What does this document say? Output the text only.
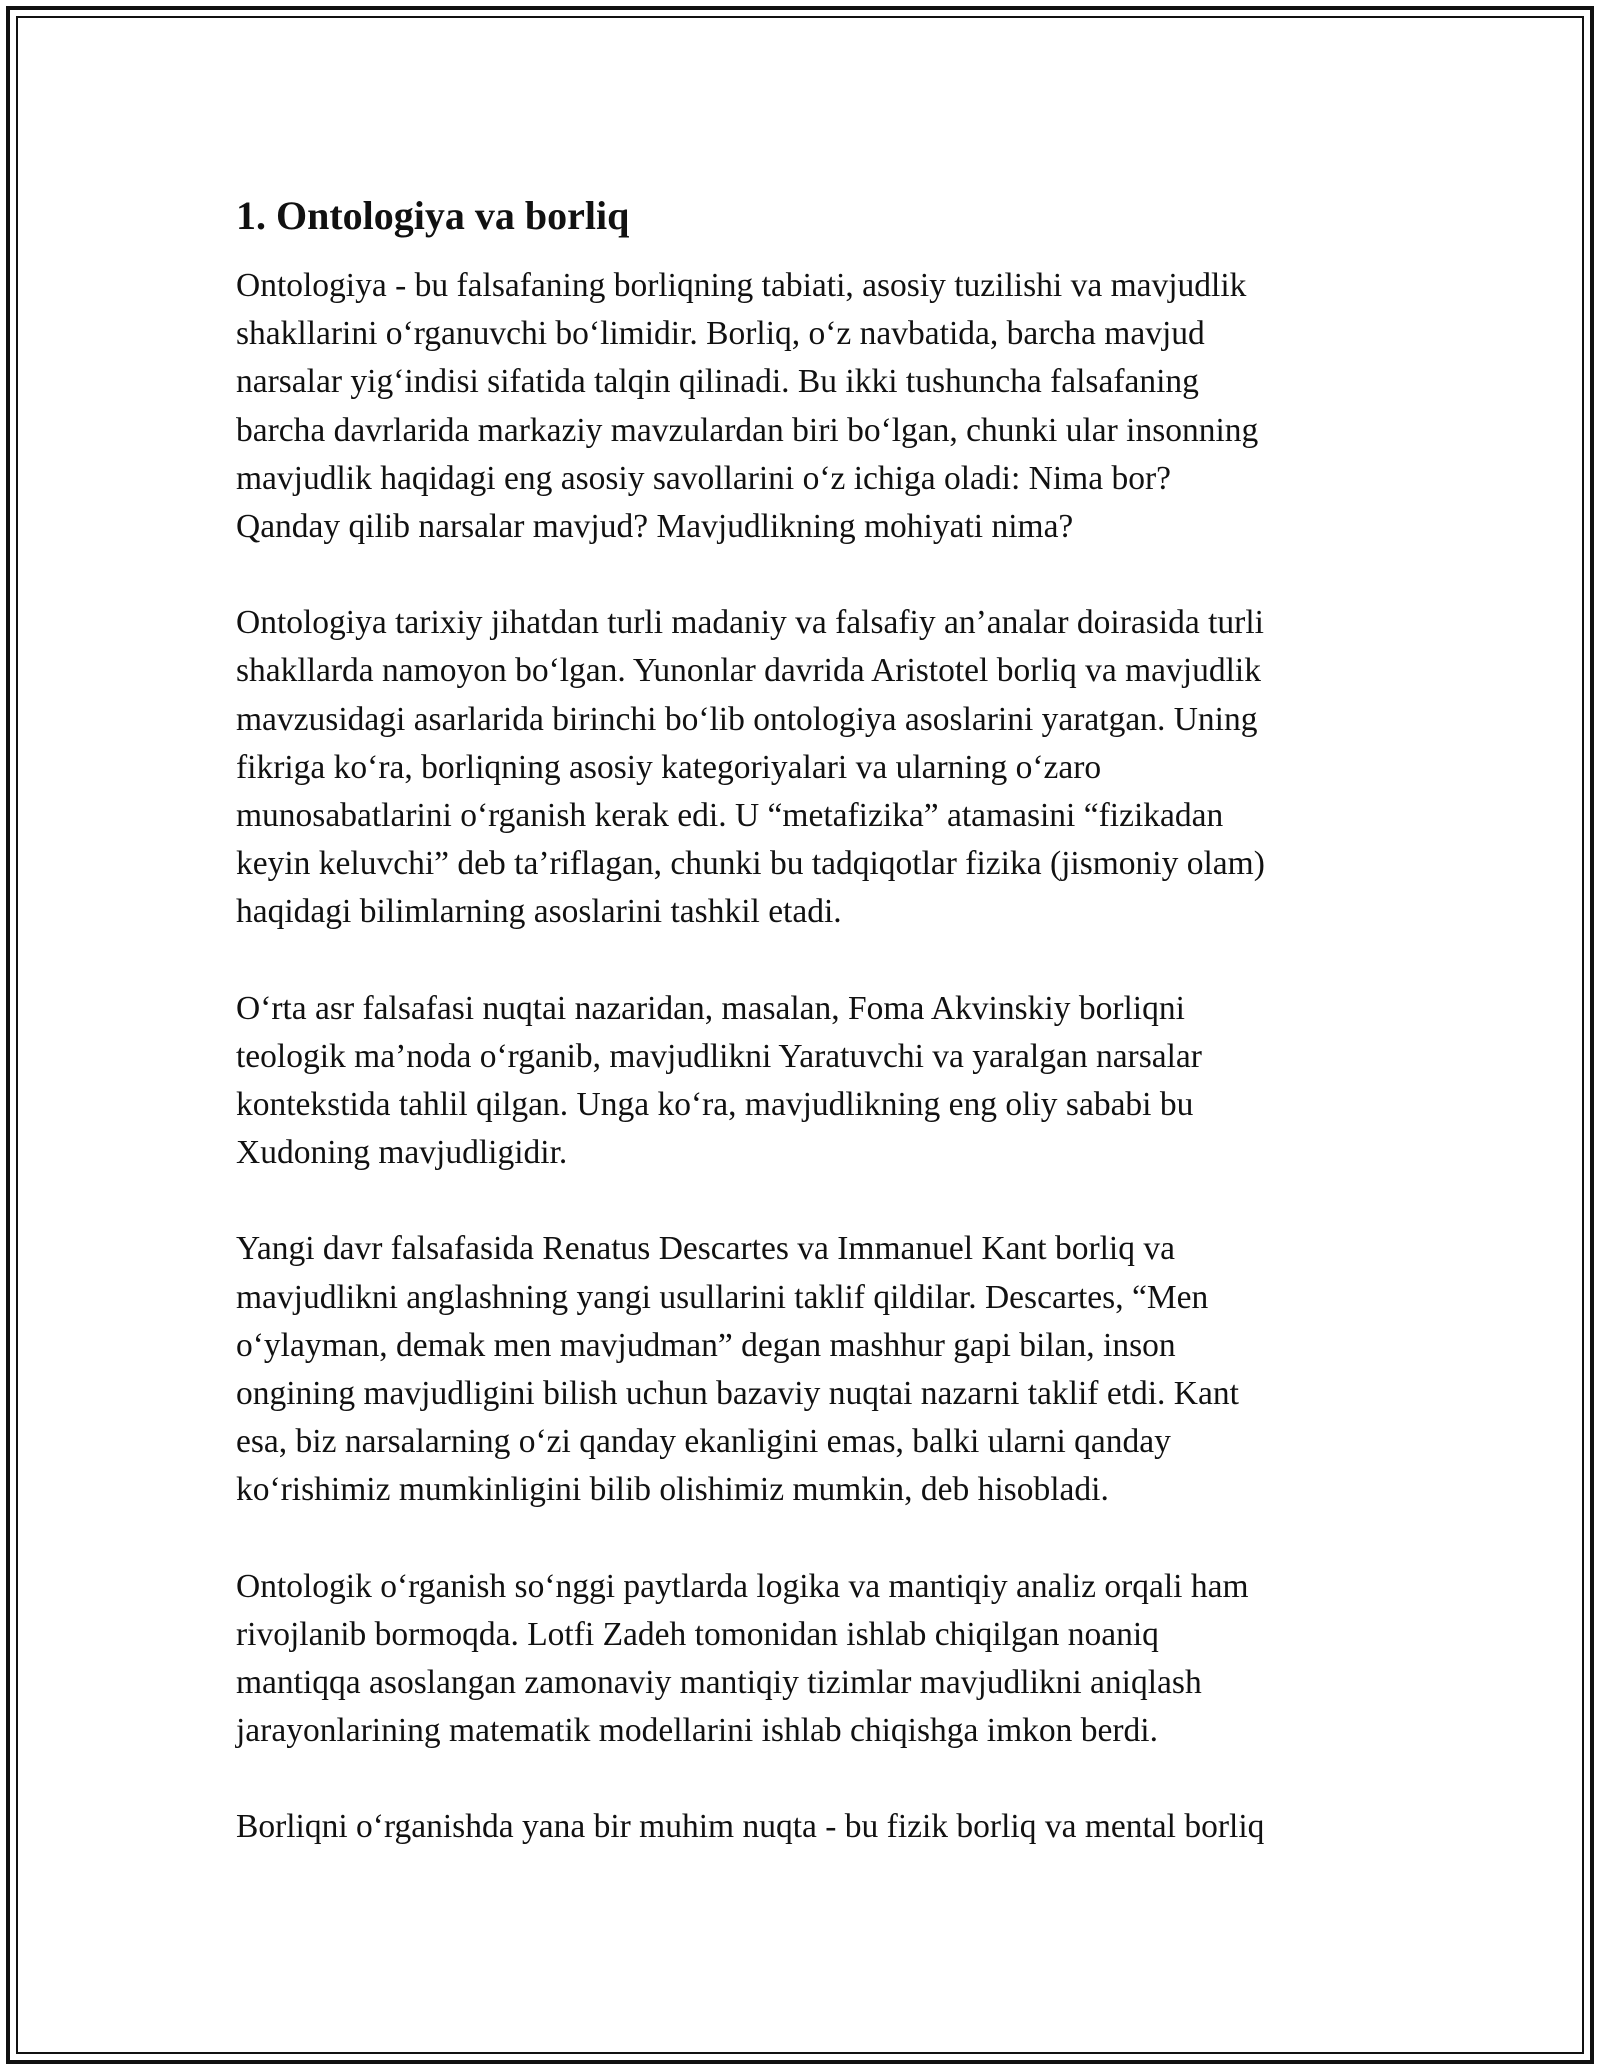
1. Ontologiya va borliq

Ontologiya - bu falsafaning borliqning tabiati, asosiy tuzilishi va mavjudlik
shakllarini o‘rganuvchi bo‘limidir. Borliq, o‘z navbatida, barcha mavjud
narsalar yig‘indisi sifatida talqin qilinadi. Bu ikki tushuncha falsafaning
barcha davrlarida markaziy mavzulardan biri bo‘lgan, chunki ular insonning
mavjudlik haqidagi eng asosiy savollarini o‘z ichiga oladi: Nima bor?
Qanday qilib narsalar mavjud? Mavjudlikning mohiyati nima?

Ontologiya tarixiy jihatdan turli madaniy va falsafiy an’analar doirasida turli
shakllarda namoyon bo‘lgan. Yunonlar davrida Aristotel borliq va mavjudlik
mavzusidagi asarlarida birinchi bo‘lib ontologiya asoslarini yaratgan. Uning
fikriga ko‘ra, borliqning asosiy kategoriyalari va ularning o‘zaro
munosabatlarini o‘rganish kerak edi. U “metafizika” atamasini “fizikadan
keyin keluvchi” deb ta’riflagan, chunki bu tadqiqotlar fizika (jismoniy olam)
haqidagi bilimlarning asoslarini tashkil etadi.

O‘rta asr falsafasi nuqtai nazaridan, masalan, Foma Akvinskiy borliqni
teologik ma’noda o‘rganib, mavjudlikni Yaratuvchi va yaralgan narsalar
kontekstida tahlil qilgan. Unga ko‘ra, mavjudlikning eng oliy sababi bu
Xudoning mavjudligidir.

Yangi davr falsafasida Renatus Descartes va Immanuel Kant borliq va
mavjudlikni anglashning yangi usullarini taklif qildilar. Descartes, “Men
o‘ylayman, demak men mavjudman” degan mashhur gapi bilan, inson
ongining mavjudligini bilish uchun bazaviy nuqtai nazarni taklif etdi. Kant
esa, biz narsalarning o‘zi qanday ekanligini emas, balki ularni qanday
ko‘rishimiz mumkinligini bilib olishimiz mumkin, deb hisobladi.

Ontologik o‘rganish so‘nggi paytlarda logika va mantiqiy analiz orqali ham
rivojlanib bormoqda. Lotfi Zadeh tomonidan ishlab chiqilgan noaniq
mantiqqa asoslangan zamonaviy mantiqiy tizimlar mavjudlikni aniqlash
jarayonlarining matematik modellarini ishlab chiqishga imkon berdi.

Borliqni o‘rganishda yana bir muhim nuqta - bu fizik borliq va mental borliq
